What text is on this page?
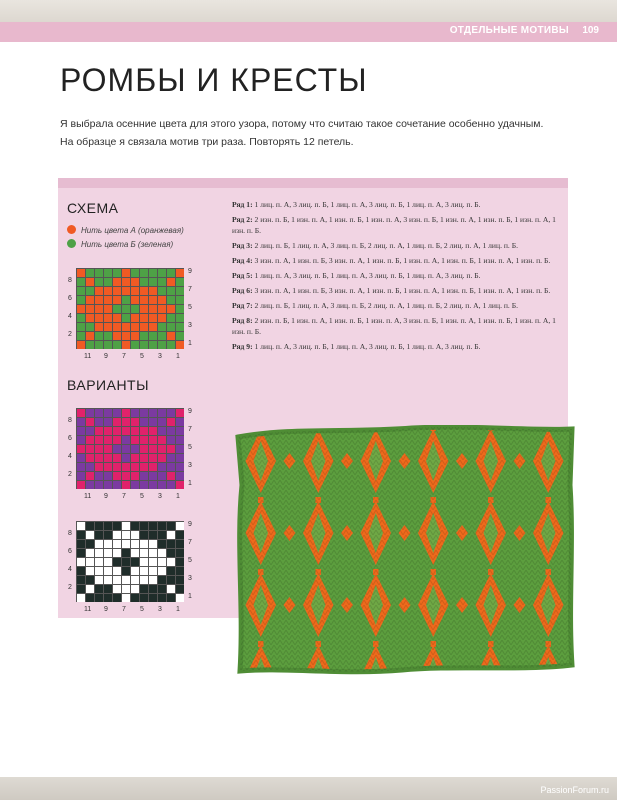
ОТДЕЛЬНЫЕ МОТИВЫ 109
РОМБЫ И КРЕСТЫ
Я выбрала осенние цвета для этого узора, потому что считаю такое сочетание особенно удачным.
На образце я связала мотив три раза. Повторять 12 петель.
СХЕМА
Нить цвета А (оранжевая)
Нить цвета Б (зеленая)
ВАРИАНТЫ
9
7
5
3
1
8
6
4
2
11 9 7 5 3 1
9
7
5
3
1
8
6
4
2
11 9 7 5 3 1
9
7
5
3
1
8
6
4
2
11 9 7 5 3 1
Ряд 1: 1 лиц. п. А, 3 лиц. п. Б, 1 лиц. п. А, 3 лиц. п. Б, 1 лиц. п. А, 3 лиц. п. Б.
Ряд 2: 2 изн. п. Б, 1 изн. п. А, 1 изн. п. Б, 1 изн. п. А, 3 изн. п. Б, 1 изн. п. А, 1 изн. п. Б, 1 изн. п. А, 1 изн. п. Б.
Ряд 3: 2 лиц. п. Б, 1 лиц. п. А, 3 лиц. п. Б, 2 лиц. п. А, 1 лиц. п. Б, 2 лиц. п. А, 1 лиц. п. Б.
Ряд 4: 3 изн. п. А, 1 изн. п. Б, 3 изн. п. А, 1 изн. п. Б, 1 изн. п. А, 1 изн. п. Б, 1 изн. п. А, 1 изн. п. Б.
Ряд 5: 1 лиц. п. А, 3 лиц. п. Б, 1 лиц. п. А, 3 лиц. п. Б, 1 лиц. п. А, 3 лиц. п. Б.
Ряд 6: 3 изн. п. А, 1 изн. п. Б, 3 изн. п. А, 1 изн. п. Б, 1 изн. п. А, 1 изн. п. Б, 1 изн. п. А, 1 изн. п. Б.
Ряд 7: 2 лиц. п. Б, 1 лиц. п. А, 3 лиц. п. Б, 2 лиц. п. А, 1 лиц. п. Б, 2 лиц. п. А, 1 лиц. п. Б.
Ряд 8: 2 изн. п. Б, 1 изн. п. А, 1 изн. п. Б, 1 изн. п. А, 3 изн. п. Б, 1 изн. п. А, 1 изн. п. Б, 1 изн. п. А, 1 изн. п. Б.
Ряд 9: 1 лиц. п. А, 3 лиц. п. Б, 1 лиц. п. А, 3 лиц. п. Б, 1 лиц. п. А, 3 лиц. п. Б.
PassionForum.ru
